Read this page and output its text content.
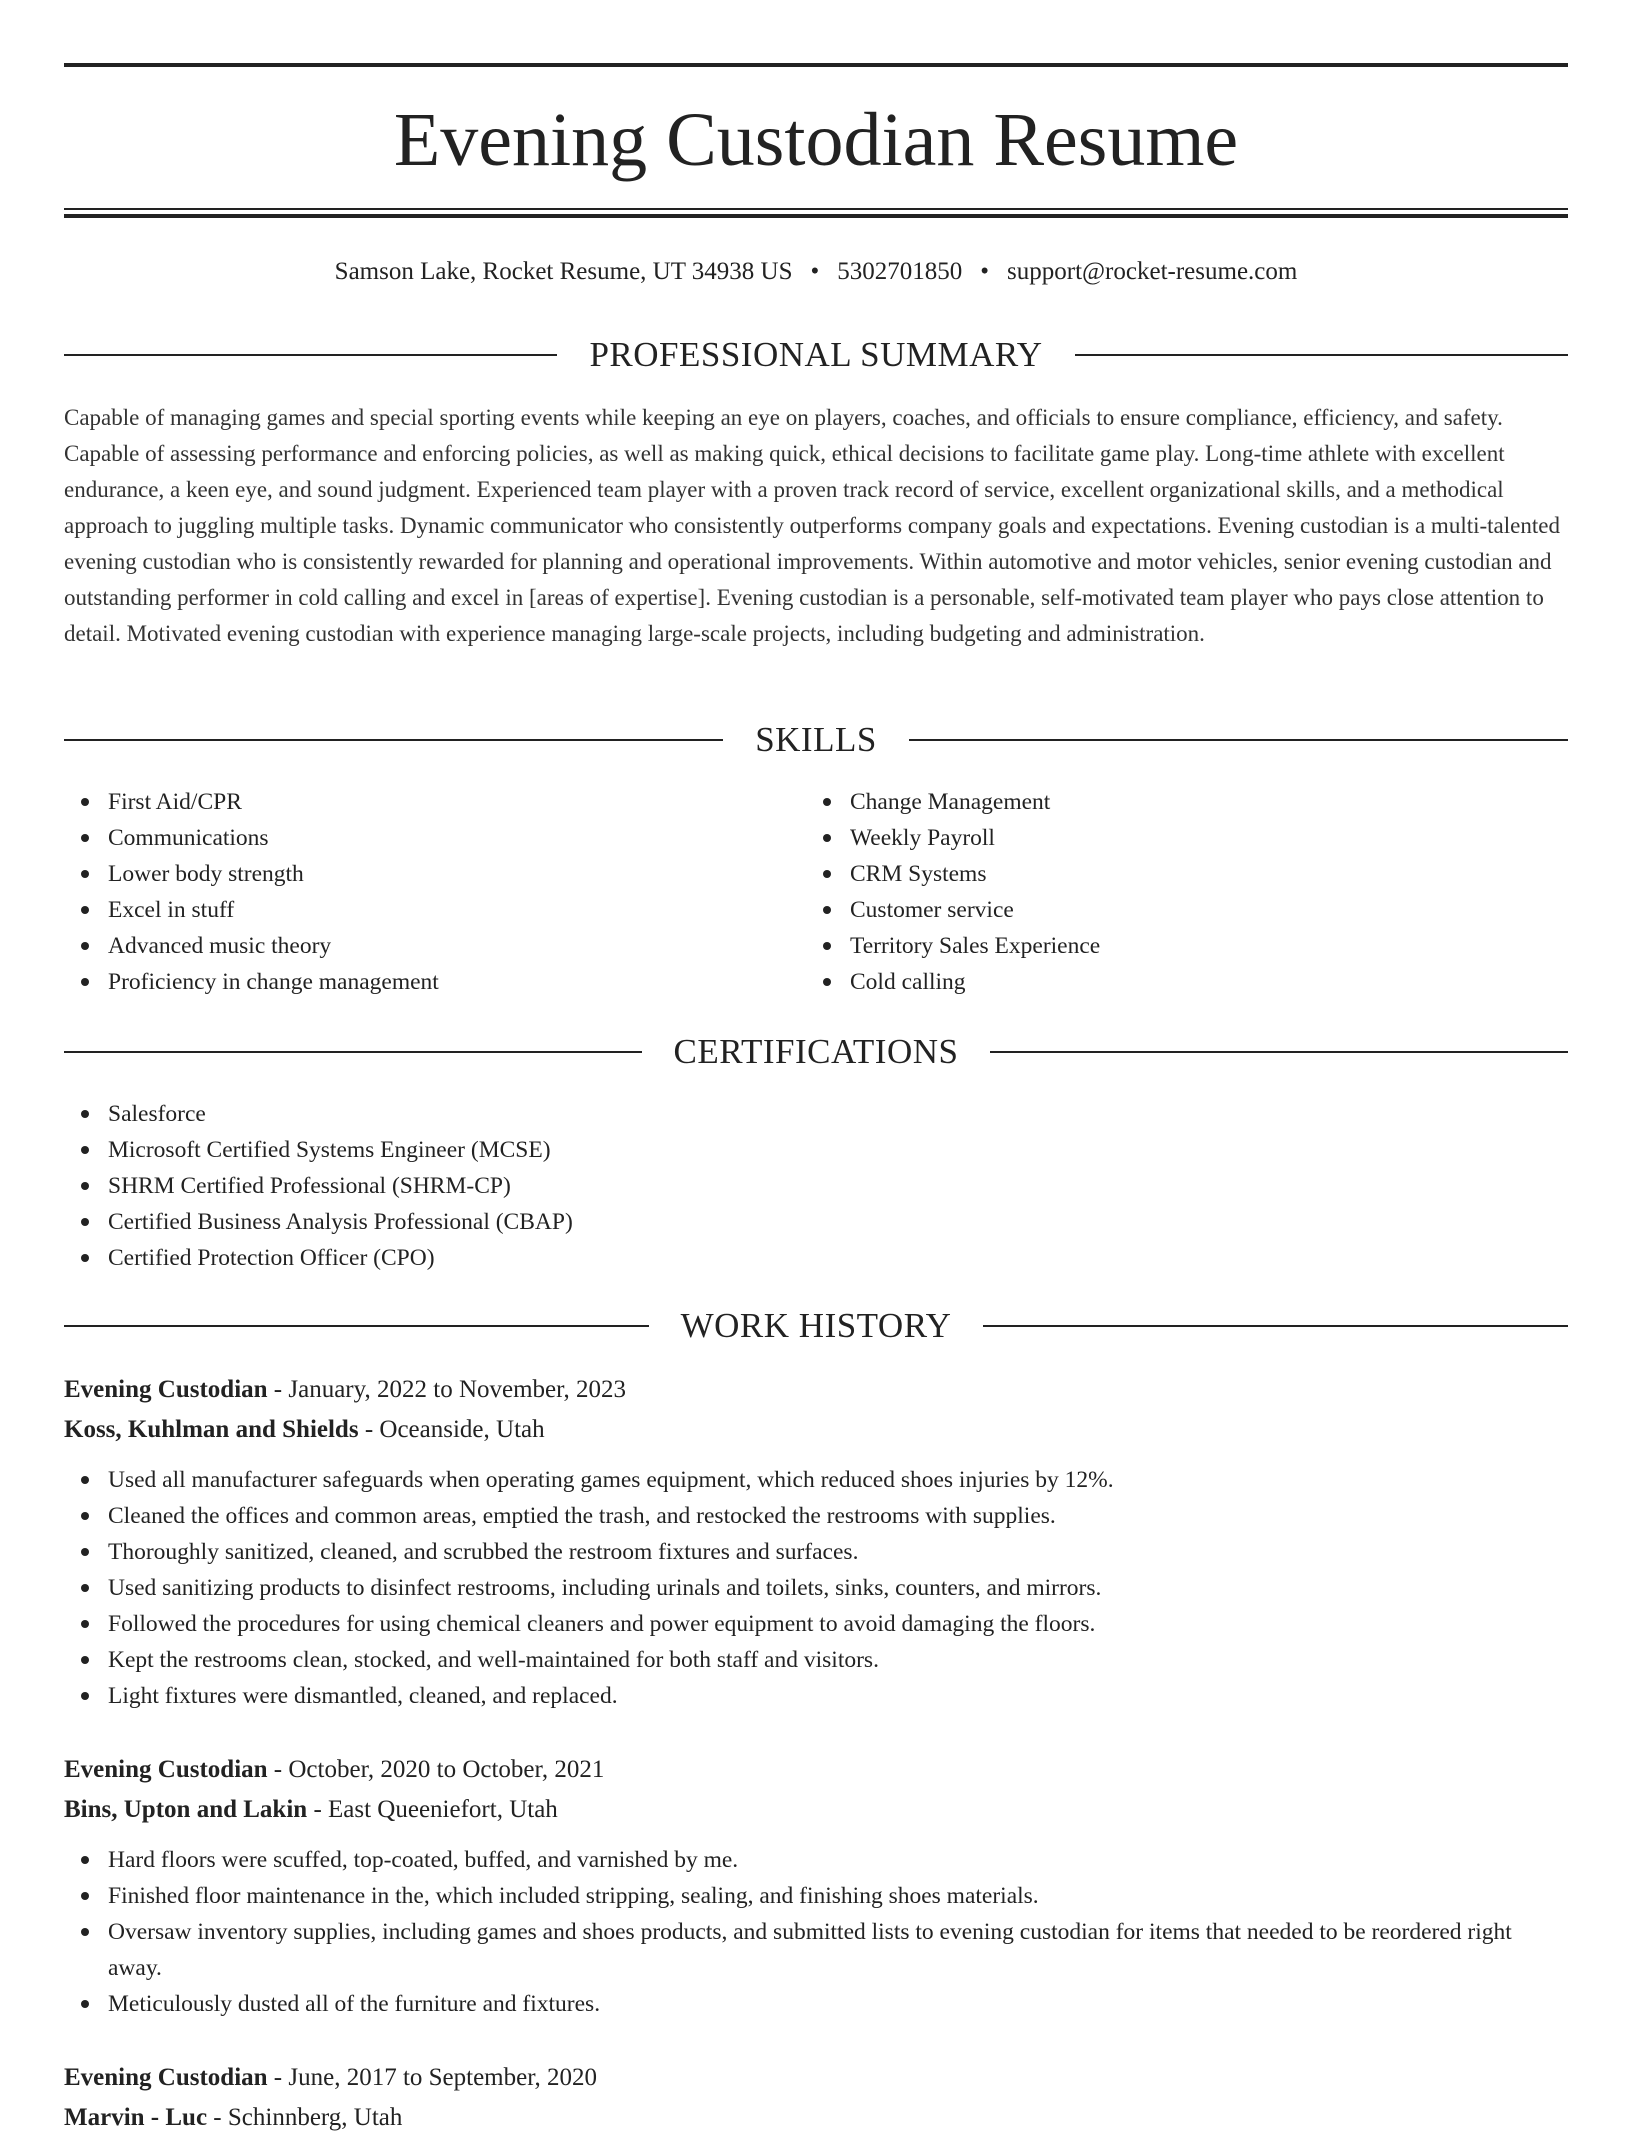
Evening Custodian Resume
Samson Lake, Rocket Resume, UT 34938 US • 5302701850 • support@rocket-resume.com
PROFESSIONAL SUMMARY

Capable of managing games and special sporting events while keeping an eye on players, coaches, and officials to ensure compliance, efficiency, and safety. Capable of assessing performance and enforcing policies, as well as making quick, ethical decisions to facilitate game play. Long-time athlete with excellent endurance, a keen eye, and sound judgment. Experienced team player with a proven track record of service, excellent organizational skills, and a methodical approach to juggling multiple tasks. Dynamic communicator who consistently outperforms company goals and expectations. Evening custodian is a multi-talented evening custodian who is consistently rewarded for planning and operational improvements. Within automotive and motor vehicles, senior evening custodian and outstanding performer in cold calling and excel in [areas of expertise]. Evening custodian is a personable, self-motivated team player who pays close attention to detail. Motivated evening custodian with experience managing large-scale projects, including budgeting and administration.

SKILLS
First Aid/CPR
Communications
Lower body strength
Excel in stuff
Advanced music theory
Proficiency in change management
Change Management
Weekly Payroll
CRM Systems
Customer service
Territory Sales Experience
Cold calling
CERTIFICATIONS
Salesforce
Microsoft Certified Systems Engineer (MCSE)
SHRM Certified Professional (SHRM-CP)
Certified Business Analysis Professional (CBAP)
Certified Protection Officer (CPO)
WORK HISTORY
Evening Custodian - January, 2022 to November, 2023
Koss, Kuhlman and Shields - Oceanside, Utah
Used all manufacturer safeguards when operating games equipment, which reduced shoes injuries by 12%.
Cleaned the offices and common areas, emptied the trash, and restocked the restrooms with supplies.
Thoroughly sanitized, cleaned, and scrubbed the restroom fixtures and surfaces.
Used sanitizing products to disinfect restrooms, including urinals and toilets, sinks, counters, and mirrors.
Followed the procedures for using chemical cleaners and power equipment to avoid damaging the floors.
Kept the restrooms clean, stocked, and well-maintained for both staff and visitors.
Light fixtures were dismantled, cleaned, and replaced.
Evening Custodian - October, 2020 to October, 2021
Bins, Upton and Lakin - East Queeniefort, Utah
Hard floors were scuffed, top-coated, buffed, and varnished by me.
Finished floor maintenance in the, which included stripping, sealing, and finishing shoes materials.
Oversaw inventory supplies, including games and shoes products, and submitted lists to evening custodian for items that needed to be reordered right away.
Meticulously dusted all of the furniture and fixtures.
Evening Custodian - June, 2017 to September, 2020
Marvin - Luc - Schinnberg, Utah
